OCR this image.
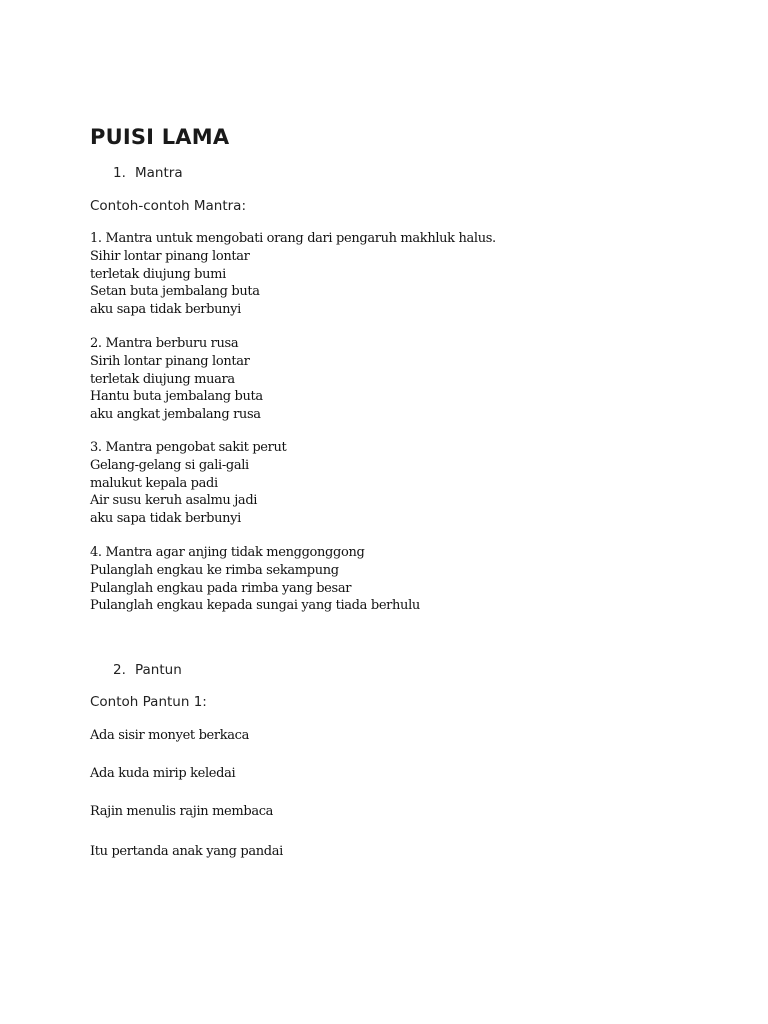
PUISI LAMA
1. Mantra

Contoh-contoh Mantra:

1. Mantra untuk mengobati orang dari pengaruh makhluk halus.
Sihir lontar pinang lontar
terletak diujung bumi
Setan buta jembalang buta
aku sapa tidak berbunyi
2. Mantra berburu rusa
Sirih lontar pinang lontar
terletak diujung muara
Hantu buta jembalang buta
aku angkat jembalang rusa
3. Mantra pengobat sakit perut
Gelang-gelang si gali-gali
malukut kepala padi
Air susu keruh asalmu jadi
aku sapa tidak berbunyi
4. Mantra agar anjing tidak menggonggong
Pulanglah engkau ke rimba sekampung
Pulanglah engkau pada rimba yang besar
Pulanglah engkau kepada sungai yang tiada berhulu
2. Pantun

Contoh Pantun 1:

Ada sisir monyet berkaca
Ada kuda mirip keledai
Rajin menulis rajin membaca
Itu pertanda anak yang pandai
